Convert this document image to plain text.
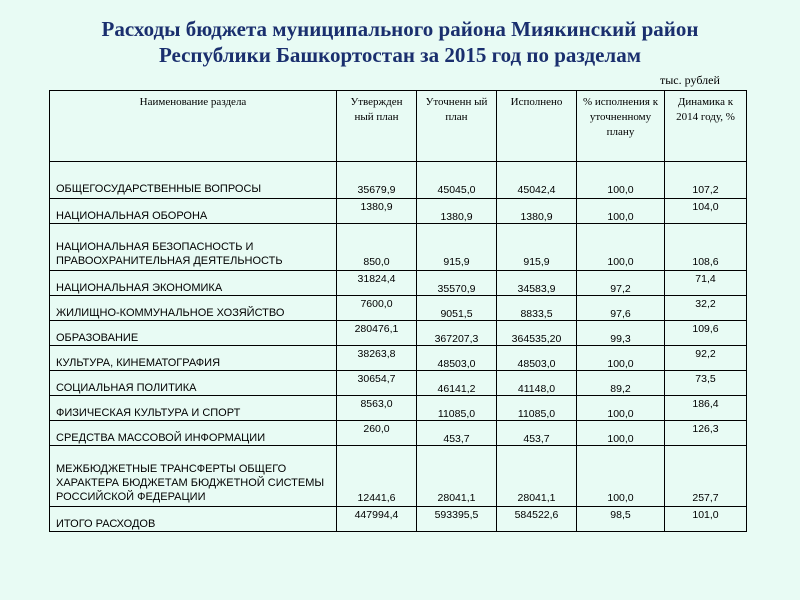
Расходы бюджета муниципального района Миякинский район
Республики Башкортостан за 2015 год по разделам
тыс. рублей
Наименование раздела	Утвержден ный план	Уточненн ый план	Исполнено	% исполнения к уточненному плану	Динамика к 2014 году, %
ОБЩЕГОСУДАРСТВЕННЫЕ ВОПРОСЫ	35679,9	45045,0	45042,4	100,0	107,2
НАЦИОНАЛЬНАЯ ОБОРОНА	1380,9	1380,9	1380,9	100,0	104,0
НАЦИОНАЛЬНАЯ БЕЗОПАСНОСТЬ И ПРАВООХРАНИТЕЛЬНАЯ ДЕЯТЕЛЬНОСТЬ	850,0	915,9	915,9	100,0	108,6
НАЦИОНАЛЬНАЯ ЭКОНОМИКА	31824,4	35570,9	34583,9	97,2	71,4
ЖИЛИЩНО-КОММУНАЛЬНОЕ ХОЗЯЙСТВО	7600,0	9051,5	8833,5	97,6	32,2
ОБРАЗОВАНИЕ	280476,1	367207,3	364535,20	99,3	109,6
КУЛЬТУРА, КИНЕМАТОГРАФИЯ	38263,8	48503,0	48503,0	100,0	92,2
СОЦИАЛЬНАЯ ПОЛИТИКА	30654,7	46141,2	41148,0	89,2	73,5
ФИЗИЧЕСКАЯ КУЛЬТУРА И СПОРТ	8563,0	11085,0	11085,0	100,0	186,4
СРЕДСТВА МАССОВОЙ ИНФОРМАЦИИ	260,0	453,7	453,7	100,0	126,3
МЕЖБЮДЖЕТНЫЕ ТРАНСФЕРТЫ ОБЩЕГО ХАРАКТЕРА БЮДЖЕТАМ БЮДЖЕТНОЙ СИСТЕМЫ РОССИЙСКОЙ ФЕДЕРАЦИИ	12441,6	28041,1	28041,1	100,0	257,7
ИТОГО РАСХОДОВ	447994,4	593395,5	584522,6	98,5	101,0
